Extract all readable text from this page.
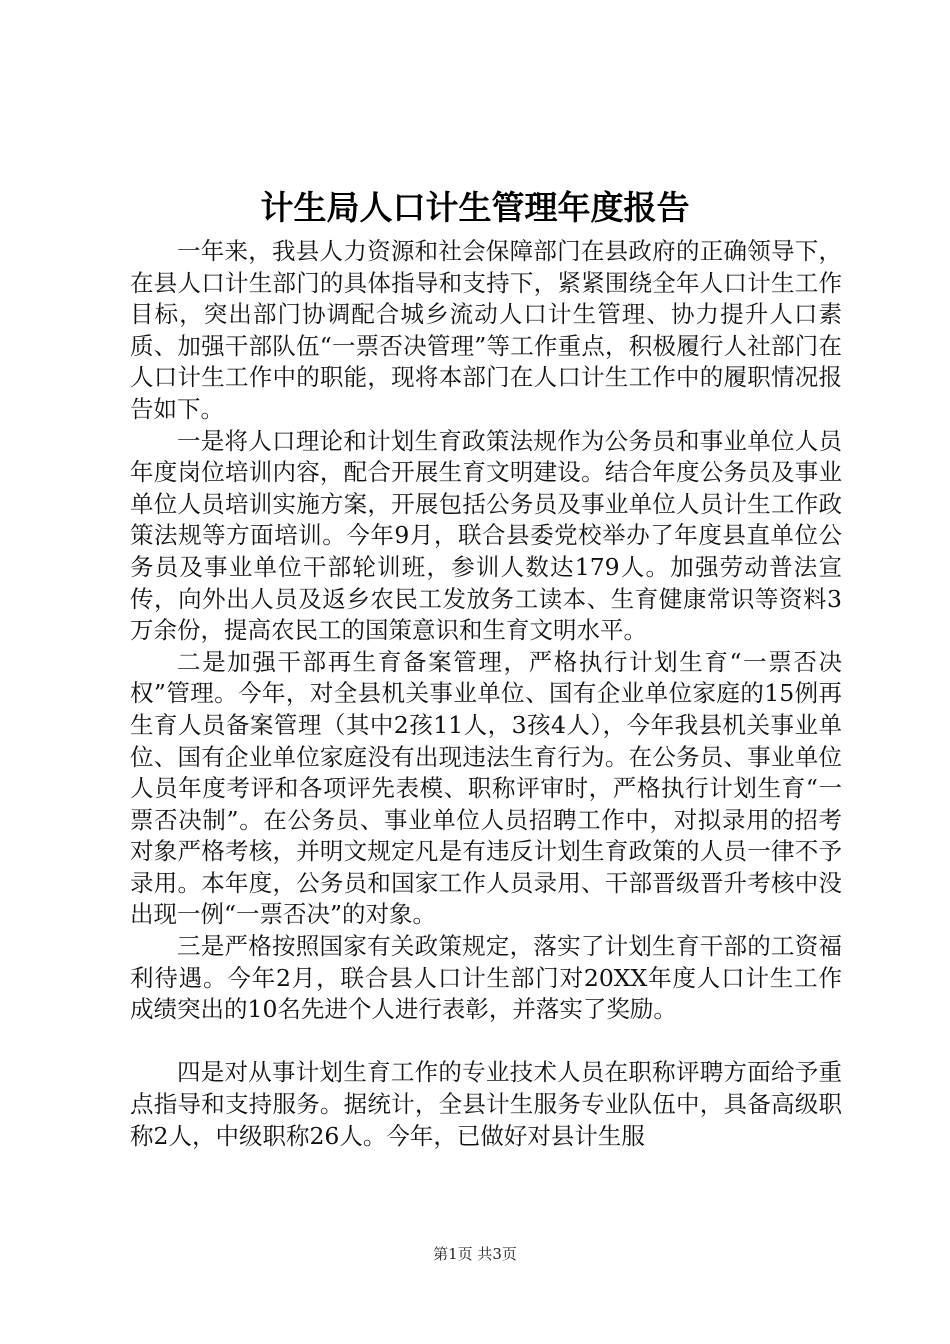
计生局人口计生管理年度报告

一年来，我县人力资源和社会保障部门在县政府的正确领导下，在县人口计生部门的具体指导和支持下，紧紧围绕全年人口计生工作目标，突出部门协调配合城乡流动人口计生管理、协力提升人口素质、加强干部队伍“一票否决管理”等工作重点，积极履行人社部门在人口计生工作中的职能，现将本部门在人口计生工作中的履职情况报告如下。

一是将人口理论和计划生育政策法规作为公务员和事业单位人员年度岗位培训内容，配合开展生育文明建设。结合年度公务员及事业单位人员培训实施方案，开展包括公务员及事业单位人员计生工作政策法规等方面培训。今年9月，联合县委党校举办了年度县直单位公务员及事业单位干部轮训班，参训人数达179人。加强劳动普法宣传，向外出人员及返乡农民工发放务工读本、生育健康常识等资料3万余份，提高农民工的国策意识和生育文明水平。

二是加强干部再生育备案管理，严格执行计划生育“一票否决权”管理。今年，对全县机关事业单位、国有企业单位家庭的15例再生育人员备案管理（其中2孩11人，3孩4人），今年我县机关事业单位、国有企业单位家庭没有出现违法生育行为。在公务员、事业单位人员年度考评和各项评先表模、职称评审时，严格执行计划生育“一票否决制”。在公务员、事业单位人员招聘工作中，对拟录用的招考对象严格考核，并明文规定凡是有违反计划生育政策的人员一律不予录用。本年度，公务员和国家工作人员录用、干部晋级晋升考核中没出现一例“一票否决”的对象。

三是严格按照国家有关政策规定，落实了计划生育干部的工资福利待遇。今年2月，联合县人口计生部门对20XX年度人口计生工作成绩突出的10名先进个人进行表彰，并落实了奖励。

四是对从事计划生育工作的专业技术人员在职称评聘方面给予重点指导和支持服务。据统计，全县计生服务专业队伍中，具备高级职称2人，中级职称26人。今年，已做好对县计生服

第1页 共3页
